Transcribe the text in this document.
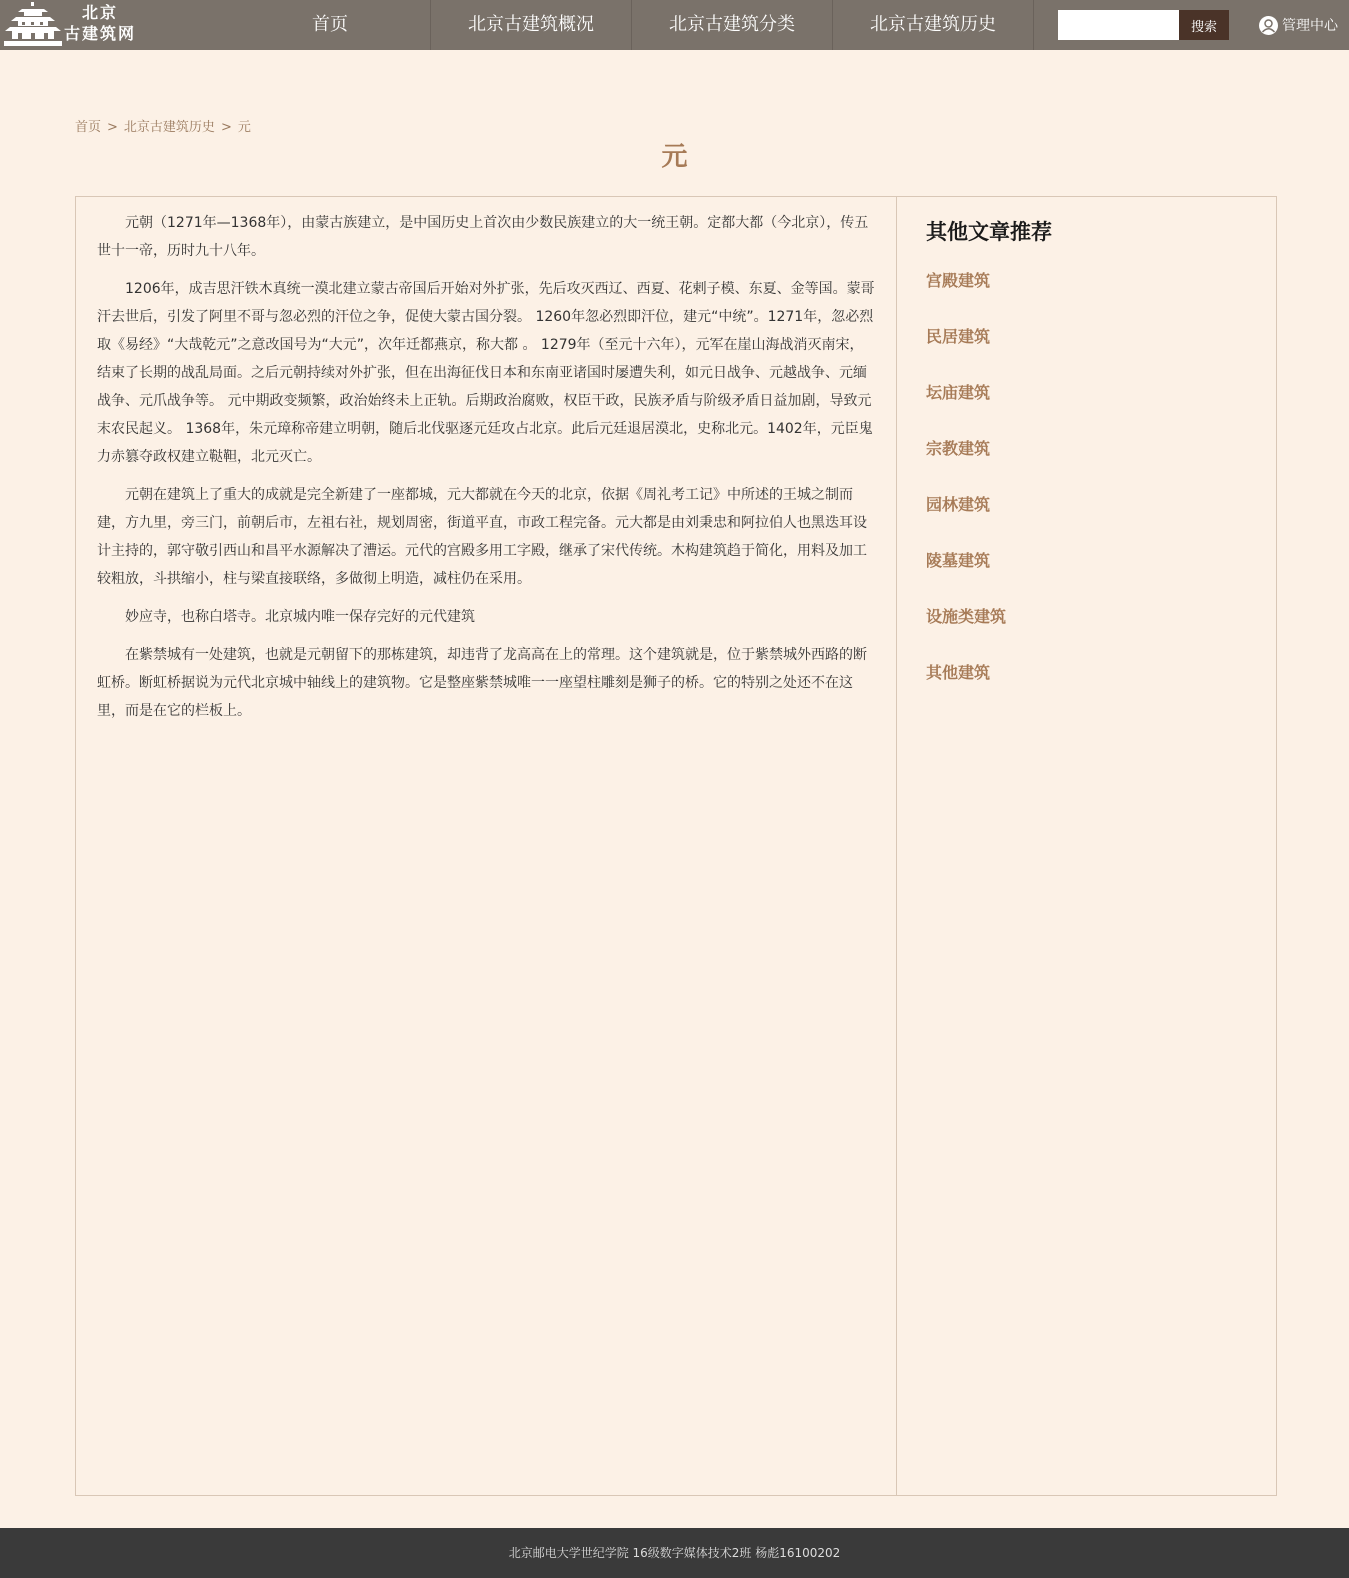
北京
古建筑网	首页	北京古建筑概况	北京古建筑分类	北京古建筑历史	搜索	管理中心
首页 > 北京古建筑历史 > 元
元

元朝（1271年—1368年），由蒙古族建立，是中国历史上首次由少数民族建立的大一统王朝。定都大都（今北京），传五世十一帝，历时九十八年。

1206年，成吉思汗铁木真统一漠北建立蒙古帝国后开始对外扩张，先后攻灭西辽、西夏、花剌子模、东夏、金等国。蒙哥汗去世后，引发了阿里不哥与忽必烈的汗位之争，促使大蒙古国分裂。 1260年忽必烈即汗位，建元“中统”。1271年，忽必烈取《易经》“大哉乾元”之意改国号为“大元”，次年迁都燕京，称大都 。 1279年（至元十六年），元军在崖山海战消灭南宋，结束了长期的战乱局面。之后元朝持续对外扩张，但在出海征伐日本和东南亚诸国时屡遭失利，如元日战争、元越战争、元缅战争、元爪战争等。 元中期政变频繁，政治始终未上正轨。后期政治腐败，权臣干政，民族矛盾与阶级矛盾日益加剧，导致元末农民起义。 1368年，朱元璋称帝建立明朝，随后北伐驱逐元廷攻占北京。此后元廷退居漠北，史称北元。1402年，元臣鬼力赤篡夺政权建立鞑靼，北元灭亡。

元朝在建筑上了重大的成就是完全新建了一座都城，元大都就在今天的北京，依据《周礼考工记》中所述的王城之制而建，方九里，旁三门，前朝后市，左祖右社，规划周密，街道平直，市政工程完备。元大都是由刘秉忠和阿拉伯人也黑迭耳设计主持的，郭守敬引西山和昌平水源解决了漕运。元代的宫殿多用工字殿，继承了宋代传统。木构建筑趋于简化，用料及加工较粗放，斗拱缩小，柱与梁直接联络，多做彻上明造，减柱仍在采用。

妙应寺，也称白塔寺。北京城内唯一保存完好的元代建筑

在紫禁城有一处建筑，也就是元朝留下的那栋建筑，却违背了龙高高在上的常理。这个建筑就是，位于紫禁城外西路的断虹桥。断虹桥据说为元代北京城中轴线上的建筑物。它是整座紫禁城唯一一座望柱雕刻是狮子的桥。它的特别之处还不在这里，而是在它的栏板上。

其他文章推荐
宫殿建筑
民居建筑
坛庙建筑
宗教建筑
园林建筑
陵墓建筑
设施类建筑
其他建筑
北京邮电大学世纪学院 16级数字媒体技术2班 杨彪16100202
